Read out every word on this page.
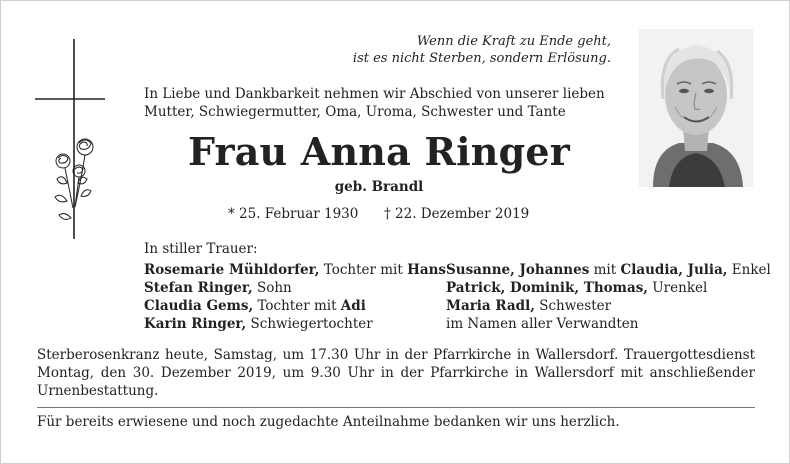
Wenn die Kraft zu Ende geht,
ist es nicht Sterben, sondern Erlösung.
In Liebe und Dankbarkeit nehmen wir Abschied von unserer lieben
Mutter, Schwiegermutter, Oma, Uroma, Schwester und Tante
Frau Anna Ringer
geb. Brandl
* 25. Februar 1930 † 22. Dezember 2019
In stiller Trauer:
Rosemarie Mühldorfer, Tochter mit Hans
Stefan Ringer, Sohn
Claudia Gems, Tochter mit Adi
Karin Ringer, Schwiegertochter
Susanne, Johannes mit Claudia, Julia, Enkel
Patrick, Dominik, Thomas, Urenkel
Maria Radl, Schwester
im Namen aller Verwandten
Sterberosenkranz heute, Samstag, um 17.30 Uhr in der Pfarrkirche in Wallersdorf. Trauergottesdienst Montag, den 30. Dezember 2019, um 9.30 Uhr in der Pfarrkirche in Wallersdorf mit anschließender Urnenbestattung.
Für bereits erwiesene und noch zugedachte Anteilnahme bedanken wir uns herzlich.
